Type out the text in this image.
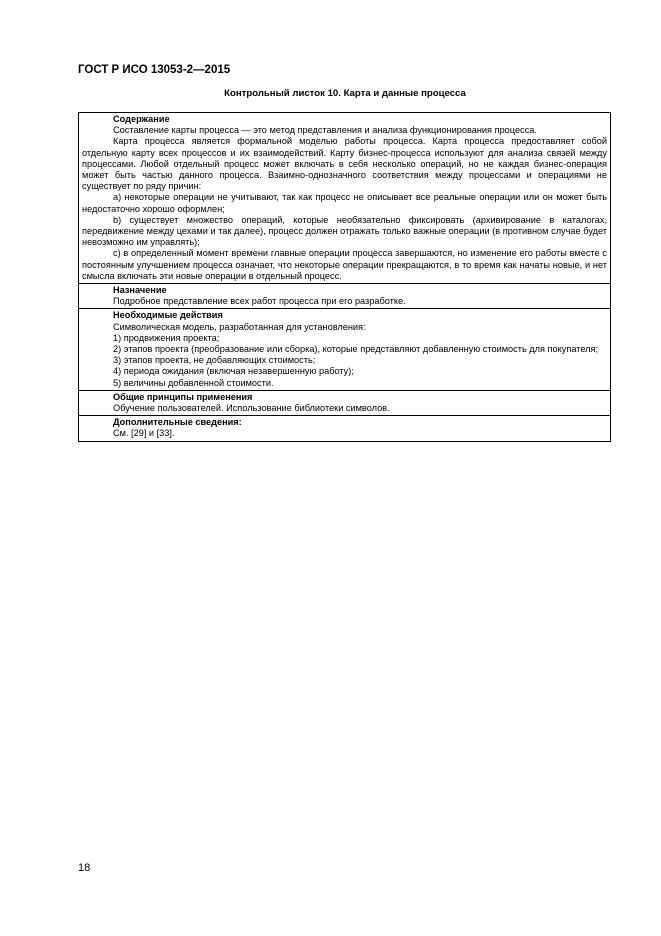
ГОСТ Р ИСО 13053-2—2015
Контрольный листок 10. Карта и данные процесса
Содержание
Составление карты процесса — это метод представления и анализа функционирования процесса.
Карта процесса является формальной моделью работы процесса. Карта процесса предоставляет собой отдельную карту всех процессов и их взаимодействий. Карту бизнес-процесса используют для анализа связей между процессами. Любой отдельный процесс может включать в себя несколько операций, но не каждая бизнес-операция может быть частью данного процесса. Взаимно-однозначного соответствия между процессами и операциями не существует по ряду причин:
а) некоторые операции не учитывают, так как процесс не описывает все реальные операции или он может быть недостаточно хорошо оформлен;
b) существует множество операций, которые необязательно фиксировать (архивирование в каталогах, передвижение между цехами и так далее), процесс должен отражать только важные операции (в противном случае будет невозможно им управлять);
с) в определенный момент времени главные операции процесса завершаются, но изменение его работы вместе с постоянным улучшением процесса означает, что некоторые операции прекращаются, в то время как начаты новые, и нет смысла включать эти новые операции в отдельный процесс.
Назначение
Подробное представление всех работ процесса при его разработке.
Необходимые действия
Символическая модель, разработанная для установления:
1) продвижения проекта;
2) этапов проекта (преобразование или сборка), которые представляют добавленную стоимость для покупателя;
3) этапов проекта, не добавляющих стоимость;
4) периода ожидания (включая незавершенную работу);
5) величины добавленной стоимости.
Общие принципы применения
Обучение пользователей. Использование библиотеки символов.
Дополнительные сведения:
См. [29] и [33].
18
